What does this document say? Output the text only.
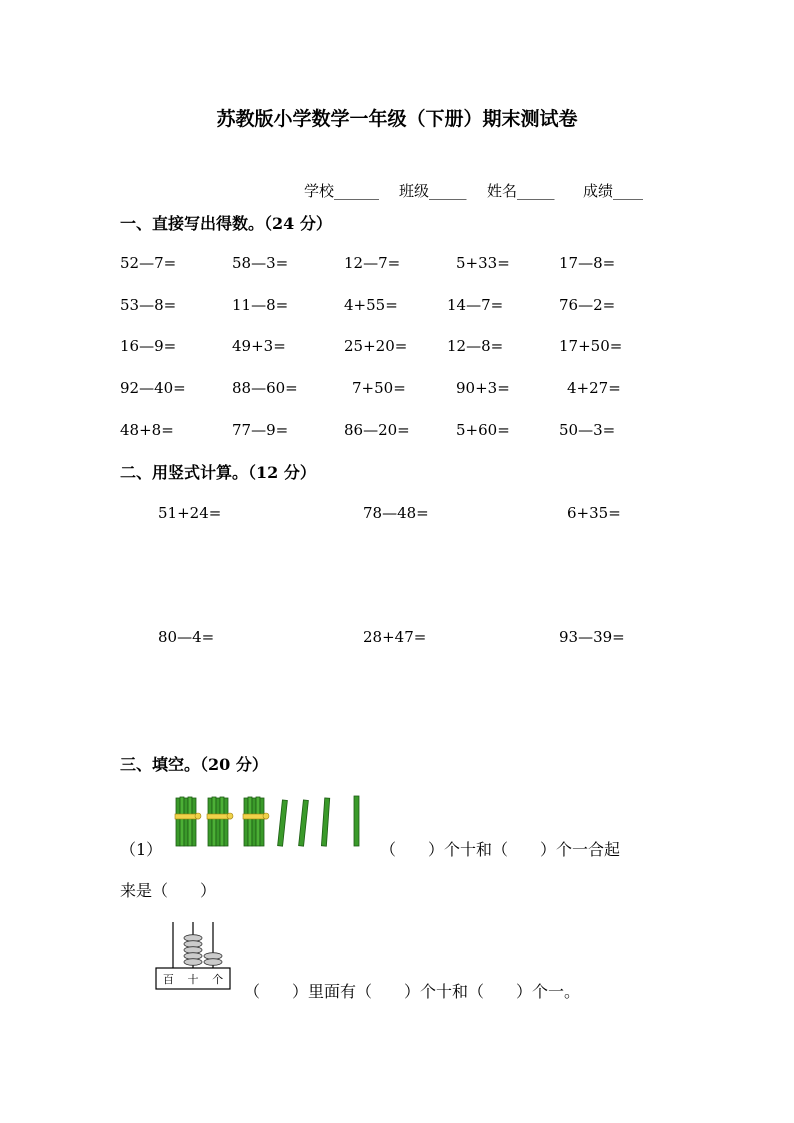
苏教版小学数学一年级（下册）期末测试卷
学校______ 班级_____ 姓名_____ 成绩____
一、直接写出得数。（24 分）
52—7=	58—3=	12—7=	5+33=	17—8=
53—8=	11—8=	4+55=	14—7=	76—2=
16—9=	49+3=	25+20=	12—8=	17+50=
92—40=	88—60=	7+50=	90+3=	4+27=
48+8=	77—9=	86—20=	5+60=	50—3=
二、用竖式计算。（12 分）
51+24=	78—48=	6+35=
80—4=	28+47=	93—39=
三、填空。（20 分）
（1）	（　　）个十和（　　）个一合起
来是（　　）
百 十 个
（　　）里面有（　　）个十和（　　）个一。
